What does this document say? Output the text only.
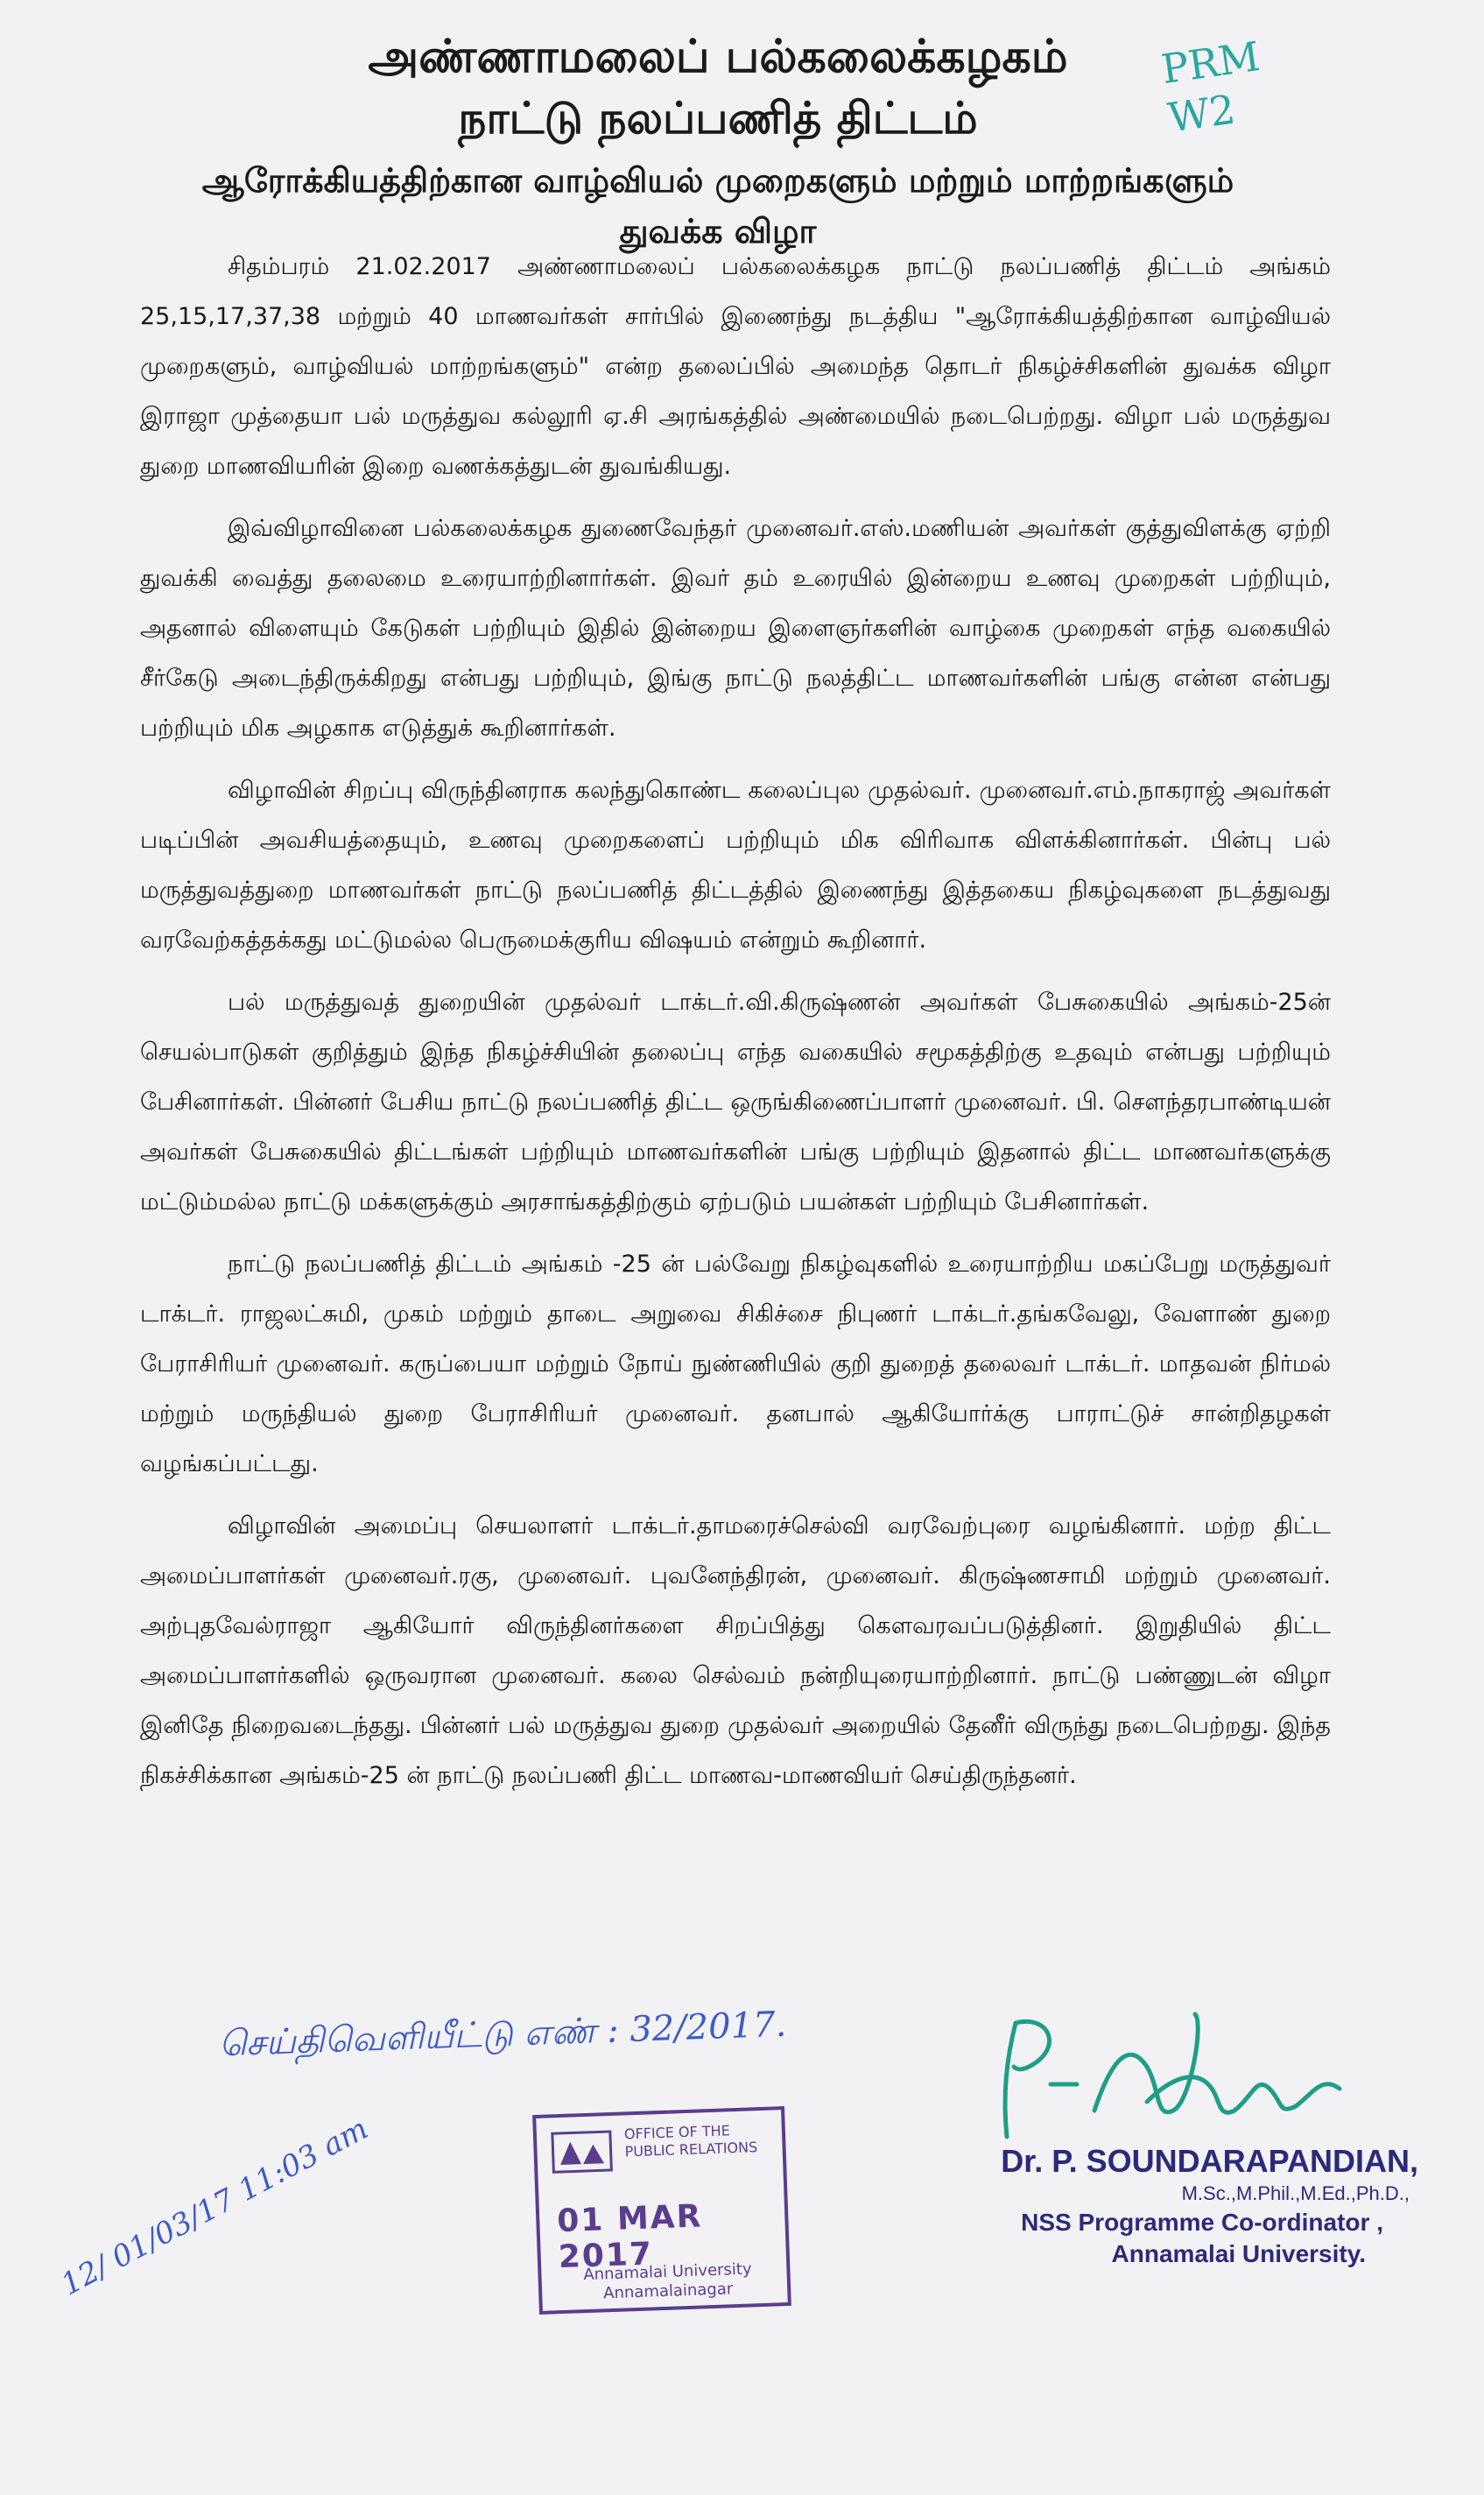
அண்ணாமலைப் பல்கலைக்கழகம்

நாட்டு நலப்பணித் திட்டம்

ஆரோக்கியத்திற்கான வாழ்வியல் முறைகளும் மற்றும் மாற்றங்களும்

துவக்க விழா

PRM W2

சிதம்பரம் 21.02.2017 அண்ணாமலைப் பல்கலைக்கழக நாட்டு நலப்பணித் திட்டம் அங்கம் 25,15,17,37,38 மற்றும் 40 மாணவர்கள் சார்பில் இணைந்து நடத்திய "ஆரோக்கியத்திற்கான வாழ்வியல் முறைகளும், வாழ்வியல் மாற்றங்களும்" என்ற தலைப்பில் அமைந்த தொடர் நிகழ்ச்சிகளின் துவக்க விழா இராஜா முத்தையா பல் மருத்துவ கல்லூரி ஏ.சி அரங்கத்தில் அண்மையில் நடைபெற்றது. விழா பல் மருத்துவ துறை மாணவியரின் இறை வணக்கத்துடன் துவங்கியது.

இவ்விழாவினை பல்கலைக்கழக துணைவேந்தர் முனைவர்.எஸ்.மணியன் அவர்கள் குத்துவிளக்கு ஏற்றி துவக்கி வைத்து தலைமை உரையாற்றினார்கள். இவர் தம் உரையில் இன்றைய உணவு முறைகள் பற்றியும், அதனால் விளையும் கேடுகள் பற்றியும் இதில் இன்றைய இளைஞர்களின் வாழ்கை முறைகள் எந்த வகையில் சீர்கேடு அடைந்திருக்கிறது என்பது பற்றியும், இங்கு நாட்டு நலத்திட்ட மாணவர்களின் பங்கு என்ன என்பது பற்றியும் மிக அழகாக எடுத்துக் கூறினார்கள்.

விழாவின் சிறப்பு விருந்தினராக கலந்துகொண்ட கலைப்புல முதல்வர். முனைவர்.எம்.நாகராஜ் அவர்கள் படிப்பின் அவசியத்தையும், உணவு முறைகளைப் பற்றியும் மிக விரிவாக விளக்கினார்கள். பின்பு பல் மருத்துவத்துறை மாணவர்கள் நாட்டு நலப்பணித் திட்டத்தில் இணைந்து இத்தகைய நிகழ்வுகளை நடத்துவது வரவேற்கத்தக்கது மட்டுமல்ல பெருமைக்குரிய விஷயம் என்றும் கூறினார்.

பல் மருத்துவத் துறையின் முதல்வர் டாக்டர்.வி.கிருஷ்ணன் அவர்கள் பேசுகையில் அங்கம்-25ன் செயல்பாடுகள் குறித்தும் இந்த நிகழ்ச்சியின் தலைப்பு எந்த வகையில் சமூகத்திற்கு உதவும் என்பது பற்றியும் பேசினார்கள். பின்னர் பேசிய நாட்டு நலப்பணித் திட்ட ஒருங்கிணைப்பாளர் முனைவர். பி. சௌந்தரபாண்டியன் அவர்கள் பேசுகையில் திட்டங்கள் பற்றியும் மாணவர்களின் பங்கு பற்றியும் இதனால் திட்ட மாணவர்களுக்கு மட்டும்மல்ல நாட்டு மக்களுக்கும் அரசாங்கத்திற்கும் ஏற்படும் பயன்கள் பற்றியும் பேசினார்கள்.

நாட்டு நலப்பணித் திட்டம் அங்கம் -25 ன் பல்வேறு நிகழ்வுகளில் உரையாற்றிய மகப்பேறு மருத்துவர் டாக்டர். ராஜலட்சுமி, முகம் மற்றும் தாடை அறுவை சிகிச்சை நிபுணர் டாக்டர்.தங்கவேலு, வேளாண் துறை பேராசிரியர் முனைவர். கருப்பையா மற்றும் நோய் நுண்ணியில் குறி துறைத் தலைவர் டாக்டர். மாதவன் நிர்மல் மற்றும் மருந்தியல் துறை பேராசிரியர் முனைவர். தனபால் ஆகியோர்க்கு பாராட்டுச் சான்றிதழகள் வழங்கப்பட்டது.

விழாவின் அமைப்பு செயலாளர் டாக்டர்.தாமரைச்செல்வி வரவேற்புரை வழங்கினார். மற்ற திட்ட அமைப்பாளர்கள் முனைவர்.ரகு, முனைவர். புவனேந்திரன், முனைவர். கிருஷ்ணசாமி மற்றும் முனைவர். அற்புதவேல்ராஜா ஆகியோர் விருந்தினர்களை சிறப்பித்து கௌவரவப்படுத்தினர். இறுதியில் திட்ட அமைப்பாளர்களில் ஒருவரான முனைவர். கலை செல்வம் நன்றியுரையாற்றினார். நாட்டு பண்ணுடன் விழா இனிதே நிறைவடைந்தது. பின்னர் பல் மருத்துவ துறை முதல்வர் அறையில் தேனீர் விருந்து நடைபெற்றது. இந்த நிகச்சிக்கான அங்கம்-25 ன் நாட்டு நலப்பணி திட்ட மாணவ-மாணவியர் செய்திருந்தனர்.

செய்திவெளியீட்டு எண் : 32/2017.
12/ 01/03/17 11:03 am	OFFICE OF THE
PUBLIC RELATIONS
01 MAR 2017
Annamalai University
Annamalainagar
Dr. P. SOUNDARAPANDIAN,
M.Sc.,M.Phil.,M.Ed.,Ph.D.,
NSS Programme Co-ordinator ,
Annamalai University.
